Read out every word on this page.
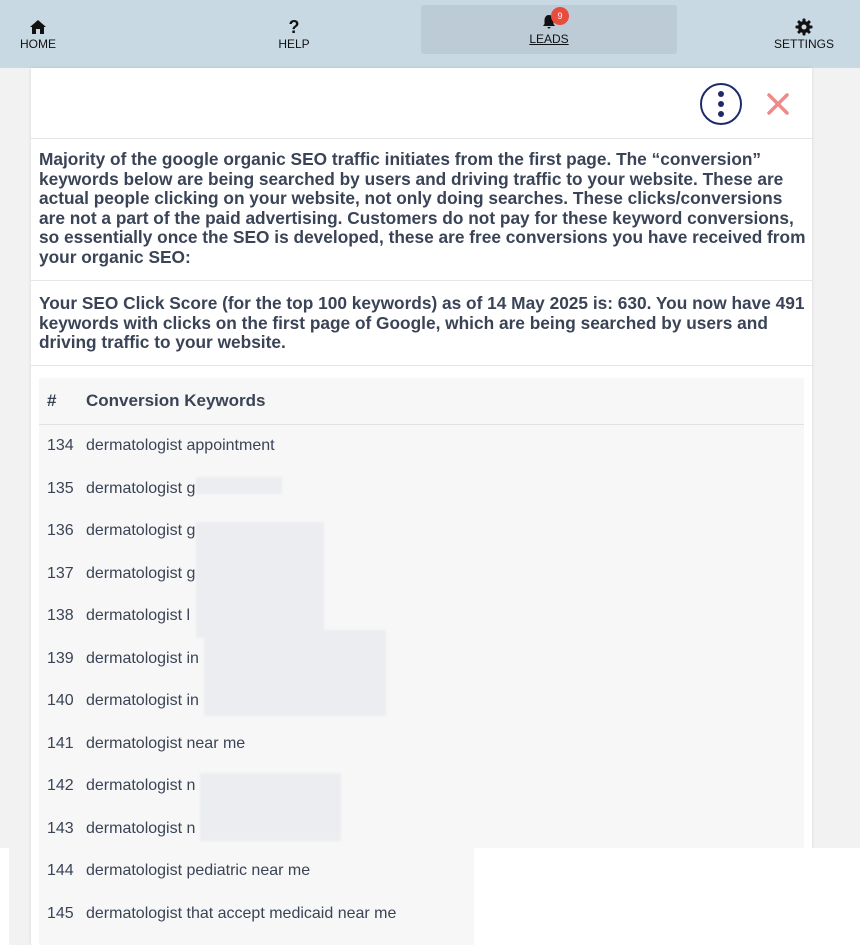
HOME
?
HELP
9
LEADS	SETTINGS
Majority of the google organic SEO traffic initiates from the first page. The “conversion” keywords below are being searched by users and driving traffic to your website. These are actual people clicking on your website, not only doing searches. These clicks/conversions are not a part of the paid advertising. Customers do not pay for these keyword conversions, so essentially once the SEO is developed, these are free conversions you have received from your organic SEO:
Your SEO Click Score (for the top 100 keywords) as of 14 May 2025 is: 630. You now have 491 keywords with clicks on the first page of Google, which are being searched by users and driving traffic to your website.
#	Conversion Keywords
134 dermatologist appointment
135 dermatologist g
136 dermatologist g
137 dermatologist g
138 dermatologist l
139 dermatologist in
140 dermatologist in
141 dermatologist near me
142 dermatologist n
143 dermatologist n
144 dermatologist pediatric near me
145 dermatologist that accept medicaid near me
